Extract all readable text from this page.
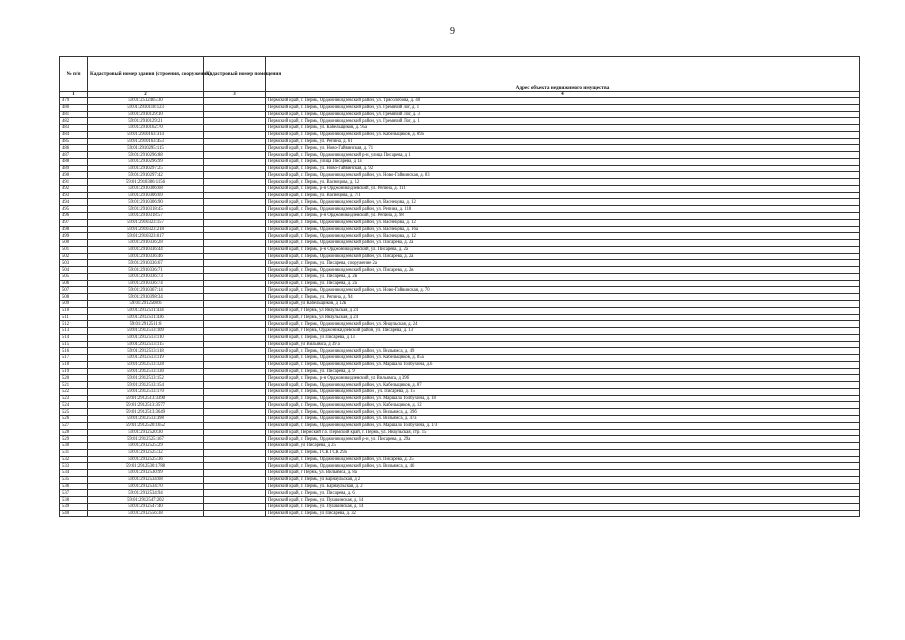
9
№ п/п	Кадастровый номер здания (строения, сооружения)	Кадастровый номер помещения	
			Адрес объекта недвижимого имущества
1	2	3	4
479	59:01:2512465:30		Пермский край, г. Пермь, Орджоникидзевский район, ул. Трясолобова, д. 40
480	59:01:2910118:123		Пермский край, г. Пермь, Орджоникидзевский район, ул. Гремячий лог, д. 1
481	59:01:2910129:10		Пермский край, г. Пермь, Орджоникидзевский район, ул. Гремячий Лог, д. 3
482	59:01:2910129:21		Пермский край, г. Пермь, Орджоникидзевский район, ул. Гремячий Лог, д. 1
483	59:01:2910162:70		Пермский край, г. Пермь, ул. Кабельщиков, д. 95а
484	59:01:2910163:314		Пермский край, г. Пермь, Орджоникидзевский район, ул. Кабельщиков, д. 89а
485	59:01:2910163:453		Пермский край, г. Пермь, ул. Репина, д. 61
486	59:01:2910295:115		Пермский край, г. Пермь, ул. Ново-Гайвинская, д. 71
487	59:01:2910296:88		Пермский край, г. Пермь, Орджоникидзевский р-н, улица Писарева, д 1
488	59:01:2910296:99		Пермский край, г. Пермь, улица Писарева, д 1а
489	59:01:2910297:25		Пермский край, г. Пермь, ул. Ново-Гайвинская, д. 92
490	59:01:2910297:42		Пермский край, г. Пермь, Орджоникидзевский район, ул. Ново-Гайвинская, д. 83
491	59:01:2910306:1156		Пермский край, г. Пермь, ул. Васнецова, д. 12
492	59:01:2910306:68		Пермский край, г. Пермь, р-н Орджоникидзевский, ул. Репина, д. 111
493	59:01:2910306:69		Пермский край, г. Пермь, ул. Васнецова, д. 7/1
494	59:01:2910306:90		Пермский край, г. Пермь, Орджоникидзевский район, ул. Васнецова, д. 12
495	59:01:2910318:45		Пермский край, г. Пермь, Орджоникидзевский район, ул. Репина, д. 118
496	59:01:2910318:57		Пермский край, г. Пермь, р-н Орджоникидзевский, ул. Репина, д. 98
497	59:01:2910323:157		Пермский край, г. Пермь, Орджоникидзевский район, ул. Васнецова, д. 12
498	59:01:2910323:218		Пермский край, г. Пермь, Орджоникидзевский район, ул. Васнецова, д. 16а
499	59:01:2910323:617		Пермский край, г. Пермь, Орджоникидзевский район, ул. Васнецова, д. 12
500	59:01:2910336:28		Пермский край, г. Пермь, Орджоникидзевский район, ул. Писарева, д. 2а
501	59:01:2910336:44		Пермский край, г. Пермь, р-н Орджоникидзевский, ул. Писарева, д. 2а
502	59:01:2910336:46		Пермский край, г. Пермь, Орджоникидзевский район, ул. Писарева, д. 2а
503	59:01:2910336:67		Пермский край, г. Пермь, ул. Писарева, сооружение 2а
504	59:01:2910336:71		Пермский край, г. Пермь, Орджоникидзевский район, ул. Писарева, д. 2в
505	59:01:2910336:73		Пермский край, г. Пермь, ул. Писарева, д. 2в
506	59:01:2910336:74		Пермский край, г. Пермь, ул. Писарева, д. 2а
507	59:01:2910367:14		Пермский край, г. Пермь, Орджоникидзевский район, ул. Ново-Гайвинская, д. 70
508	59:01:2910398:34		Пермский край, г. Пермь, ул. Репина, д. 94
509	59:01:2912508:6		Пермский край, ул Кабельщиков, д 12в
510	59:01:2912511:434		Пермский край, г Пермь, ул Янаульская, д 24
511	59:01:2912511:436		Пермский край, г Пермь, ул Янаульская, д 24
512	59:01:2912511:8		Пермский край, г. Пермь, Орджоникидзевский район, ул. Янаульская, д. 24
513	59:01:2912513:109		Пермский край, г Пермь, Орджоникидзевский район, ул. Писарева, д. 13
514	59:01:2912513:110		Пермский край, г. Пермь, ул Писарева, д 13
515	59:01:2912513:115		Пермский край, ул Вильямса, д 39 а
516	59:01:2912513:118		Пермский край, г. Пермь, Орджоникидзевский район, ул. Вильямса, д. 49
517	59:01:2912513:119		Пермский край, г. Пермь, Орджоникидзевский район, ул. Кабельщиков, д. 85а
518	59:01:2912513:128		Пермский край, г. Пермь, Орджоникидзевский район, ул. Маршала Толбухина, д.6
519	59:01:2912513:130		Пермский край, г. Пермь, ул. Писарева, д. 9
520	59:01:2912513:152		Пермский край, г. Пермь, р-н Орджоникидзевский, ул Вильямса, д 39б
521	59:01:2912513:154		Пермский край, г. Пермь, Орджоникидзевский район, ул. Кабельщиков, д. 87
522	59:01:2912513:170		Пермский край, г. Пермь, Орджоникидзевский район , ул. Писарева, д. 15
523	59:01:2912513:3390		Пермский край, г. Пермь, Орджоникидзевский район, ул. Маршала Толбухина, д. 18
524	59:01:2912513:3577		Пермский край, г. Пермь, Орджоникидзевский район, ул. Кабельщиков, д. 12
525	59:01:2912513:3649		Пермский край, г. Пермь, Орджоникидзевский район, ул. Вильямса, д. 39б
526	59:01:2912513:398		Пермский край, г. Пермь, Орджоникидзевский район, ул. Вильямса, д. 47а
527	59:01:2912520:1652		Пермский край, г. Пермь, Орджоникидзевский район, ул. Маршала Толбухина, д. 1/3
528	59:01:2912520:30		Пермский край, Пермский г.о. Пермский край, г. Пермь, ул. Янаульская, стр. 15
529	59:01:2912525:167		Пермский край, г. Пермь, Орджоникидзевский р-н, ул. Писарева, д. 29а
530	59:01:2912525:29		Пермский край, ул Писарева, д 25
531	59:01:2912525:32		Пермский край, г. Пермь, ГСК ГСК 29а
532	59:01:2912525:36		Пермский край, г. Пермь, Орджоникидзевский район, ул. Писарева, д. 25
533	59:01:2912530:1788		Пермский край, г. Пермь, Орджоникидзевский район, ул. Вильямса, д. 46
534	59:01:2912530:99		Пермский край, г Пермь, ул. Вильямса, д. 8а
535	59:01:2912534:68		Пермский край, г. Пермь, ул Барнаульская, д 2
536	59:01:2912534:70		Пермский край, г. Пермь, ул. Барнаульская, д. 2
537	59:01:2912534:94		Пермский край, г. Пермь, ул. Писарева, д. 6
538	59:01:2912547:202		Пермский край, г. Пермь, ул. Пушкинская, д. 14
539	59:01:2912547:40		Пермский край, г. Пермь, ул. Пушкинская, д. 14
540	59:01:2912556:38		Пермский край, г. Пермь, ул Писарева, д. 32
